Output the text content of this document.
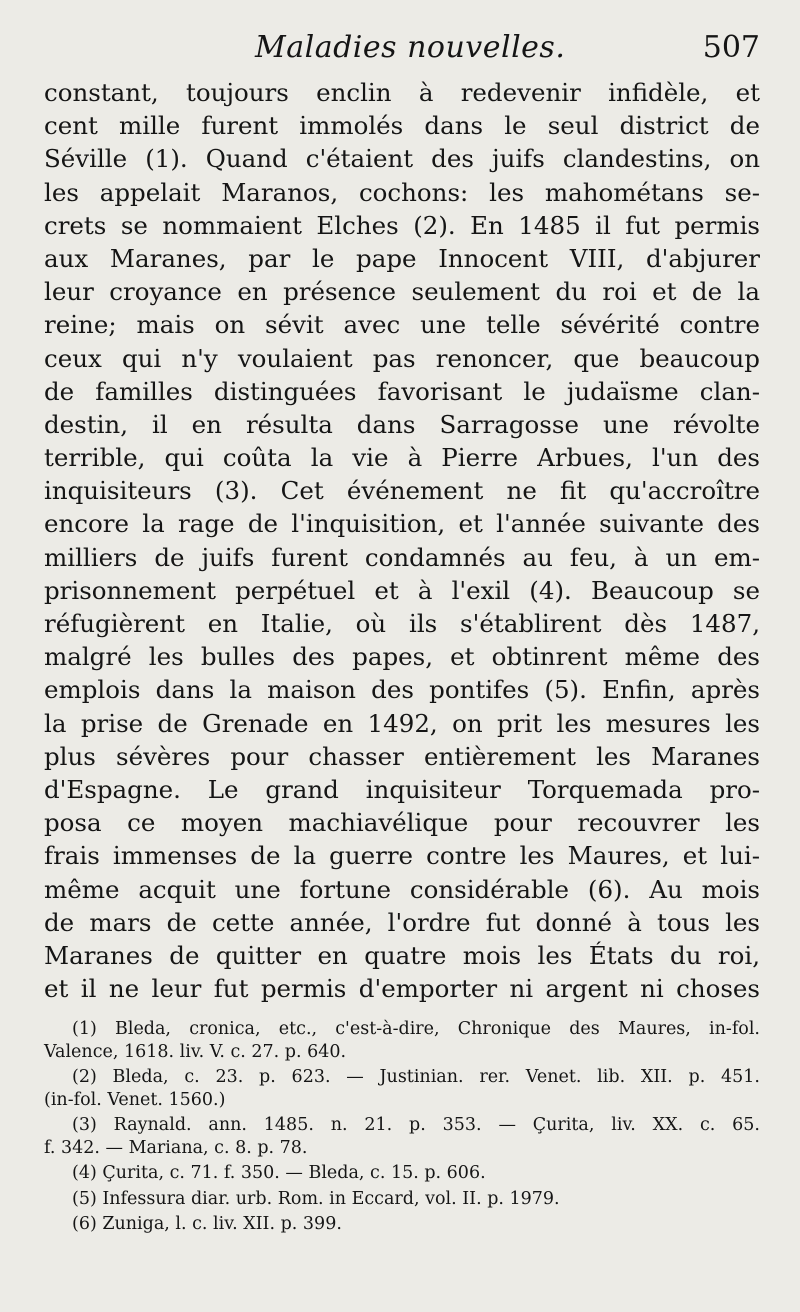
Maladies nouvelles.	507
constant, toujours enclin à redevenir infidèle, et
cent mille furent immolés dans le seul district de
Séville (1). Quand c'étaient des juifs clandestins, on
les appelait Maranos, cochons: les mahométans se-
crets se nommaient Elches (2). En 1485 il fut permis
aux Maranes, par le pape Innocent VIII, d'abjurer
leur croyance en présence seulement du roi et de la
reine; mais on sévit avec une telle sévérité contre
ceux qui n'y voulaient pas renoncer, que beaucoup
de familles distinguées favorisant le judaïsme clan-
destin, il en résulta dans Sarragosse une révolte
terrible, qui coûta la vie à Pierre Arbues, l'un des
inquisiteurs (3). Cet événement ne fit qu'accroître
encore la rage de l'inquisition, et l'année suivante des
milliers de juifs furent condamnés au feu, à un em-
prisonnement perpétuel et à l'exil (4). Beaucoup se
réfugièrent en Italie, où ils s'établirent dès 1487,
malgré les bulles des papes, et obtinrent même des
emplois dans la maison des pontifes (5). Enfin, après
la prise de Grenade en 1492, on prit les mesures les
plus sévères pour chasser entièrement les Maranes
d'Espagne. Le grand inquisiteur Torquemada pro-
posa ce moyen machiavélique pour recouvrer les
frais immenses de la guerre contre les Maures, et lui-
même acquit une fortune considérable (6). Au mois
de mars de cette année, l'ordre fut donné à tous les
Maranes de quitter en quatre mois les États du roi,
et il ne leur fut permis d'emporter ni argent ni choses
(1) Bleda, cronica, etc., c'est-à-dire, Chronique des Maures, in-fol.
Valence, 1618. liv. V. c. 27. p. 640.
(2) Bleda, c. 23. p. 623. — Justinian. rer. Venet. lib. XII. p. 451.
(in-fol. Venet. 1560.)
(3) Raynald. ann. 1485. n. 21. p. 353. — Çurita, liv. XX. c. 65.
f. 342. — Mariana, c. 8. p. 78.
(4) Çurita, c. 71. f. 350. — Bleda, c. 15. p. 606.
(5) Infessura diar. urb. Rom. in Eccard, vol. II. p. 1979.
(6) Zuniga, l. c. liv. XII. p. 399.
